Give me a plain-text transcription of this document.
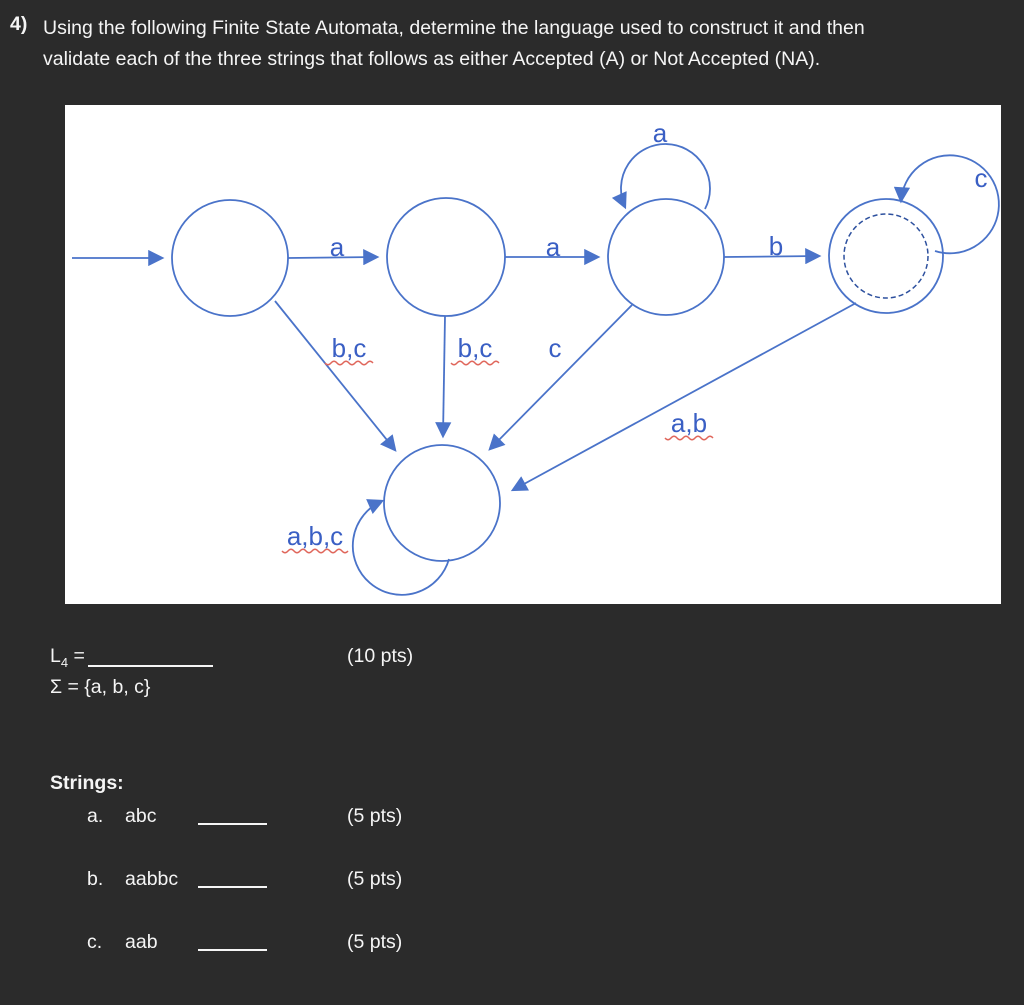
4) Using the following Finite State Automata, determine the language used to construct it and then
validate each of the three strings that follows as either Accepted (A) or Not Accepted (NA).
a	a	b
a
c
b,c	b,c c
a,b
a,b,c
$L_4$ =	(10 pts)
Σ = {a, b, c}
Strings:
a. abc	(5 pts)
b. aabbc	(5 pts)
c. aab	(5 pts)
